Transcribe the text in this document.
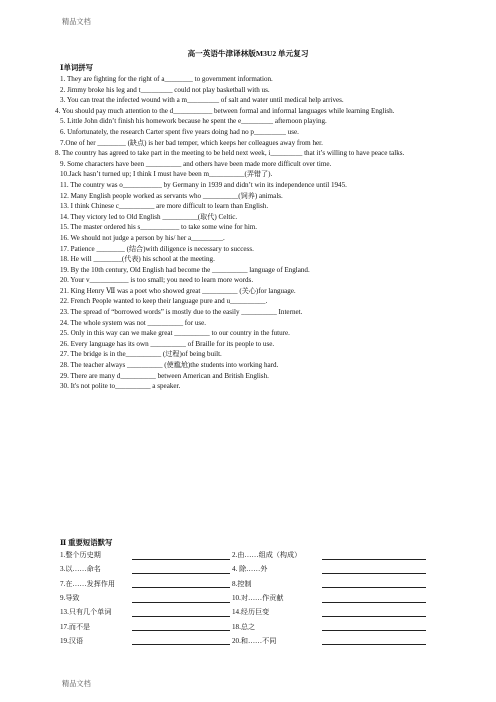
精品文档
高一英语牛津译林版M3U2 单元复习
Ⅰ单词拼写
1. They are fighting for the right of a________ to government information.
2. Jimmy broke his leg and t_________ could not play basketball with us.
3. You can treat the infected wound with a m_________ of salt and water until medical help arrives.
4. You should pay much attention to the d___________ between formal and informal languages while learning English.
5. Little John didn’t finish his homework because he spent the e_________ afternoon playing.
6. Unfortunately, the research Carter spent five years doing had no p_________ use.
7.One of her ________ (缺点) is her bad temper, which keeps her colleagues away from her.
8. The country has agreed to take part in the meeting to be held next week, i_________ that it’s willing to have peace talks.
9. Some characters have been __________ and others have been made more difficult over time.
10.Jack hasn’t turned up; I think I must have been m__________(弄错了).
11. The country was o___________ by Germany in 1939 and didn’t win its independence until 1945.
12. Many English people worked as servants who __________(饲养) animals.
13. I think Chinese c__________ are more difficult to learn than English.
14. They victory led to Old English __________(取代) Celtic.
15. The master ordered his s___________ to take some wine for him.
16. We should not judge a person by his/ her a_________.
17. Patience ________ (结合)with diligence is necessary to success.
18. He will ________(代表) his school at the meeting.
19. By the 10th century, Old English had become the __________ language of England.
20. Your v___________ is too small; you need to learn more words.
21. King Henry Ⅶ was a poet who showed great __________ (关心)for language.
22. French People wanted to keep their language pure and u__________.
23. The spread of “borrowed words” is mostly due to the easily __________ Internet.
24. The whole system was not __________ for use.
25. Only in this way can we make great __________ to our country in the future.
26. Every language has its own __________ of Braille for its people to use.
27. The bridge is in the__________ (过程)of being built.
28. The teacher always __________ (使尴尬)the students into working hard.
29. There are many d__________ between American and British English.
30. It's not polite to__________ a speaker.
Ⅱ 重要短语默写
1.整个历史期	2.由……组成（构成）
3.以……命名	4. 除……外
7.在……发挥作用	8.控制
9.导致	10.对……作贡献
13.只有几个单词	14.经历巨变
17.而不是	18.总之
19.汉语	20.和……不同
精品文档
